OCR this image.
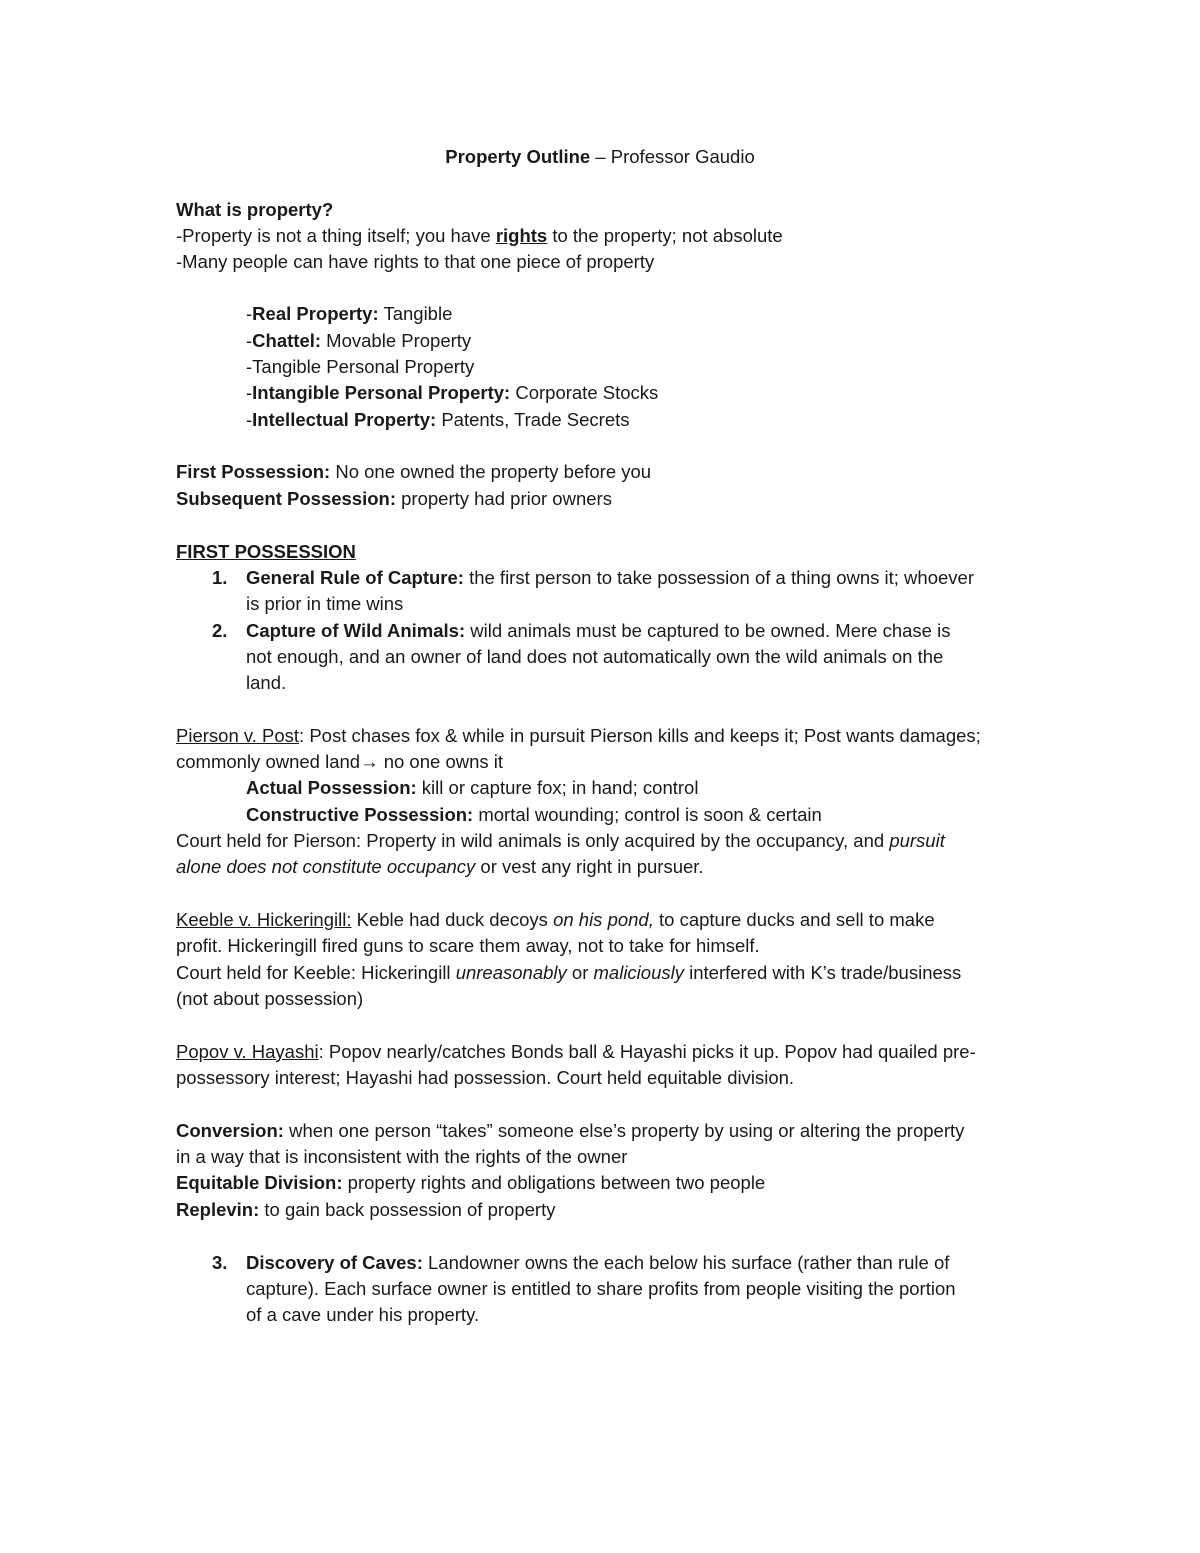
Property Outline – Professor Gaudio
What is property?
-Property is not a thing itself; you have rights to the property; not absolute
-Many people can have rights to that one piece of property
-Real Property: Tangible
-Chattel: Movable Property
-Tangible Personal Property
-Intangible Personal Property: Corporate Stocks
-Intellectual Property: Patents, Trade Secrets
First Possession: No one owned the property before you
Subsequent Possession: property had prior owners
FIRST POSSESSION
1. General Rule of Capture: the first person to take possession of a thing owns it; whoever
is prior in time wins
2. Capture of Wild Animals: wild animals must be captured to be owned. Mere chase is
not enough, and an owner of land does not automatically own the wild animals on the
land.
Pierson v. Post: Post chases fox & while in pursuit Pierson kills and keeps it; Post wants damages;
commonly owned land→ no one owns it
Actual Possession: kill or capture fox; in hand; control
Constructive Possession: mortal wounding; control is soon & certain
Court held for Pierson: Property in wild animals is only acquired by the occupancy, and pursuit
alone does not constitute occupancy or vest any right in pursuer.
Keeble v. Hickeringill: Keble had duck decoys on his pond, to capture ducks and sell to make
profit. Hickeringill fired guns to scare them away, not to take for himself.
Court held for Keeble: Hickeringill unreasonably or maliciously interfered with K’s trade/business
(not about possession)
Popov v. Hayashi: Popov nearly/catches Bonds ball & Hayashi picks it up. Popov had quailed pre-
possessory interest; Hayashi had possession. Court held equitable division.
Conversion: when one person “takes” someone else’s property by using or altering the property
in a way that is inconsistent with the rights of the owner
Equitable Division: property rights and obligations between two people
Replevin: to gain back possession of property
3. Discovery of Caves: Landowner owns the each below his surface (rather than rule of
capture). Each surface owner is entitled to share profits from people visiting the portion
of a cave under his property.
